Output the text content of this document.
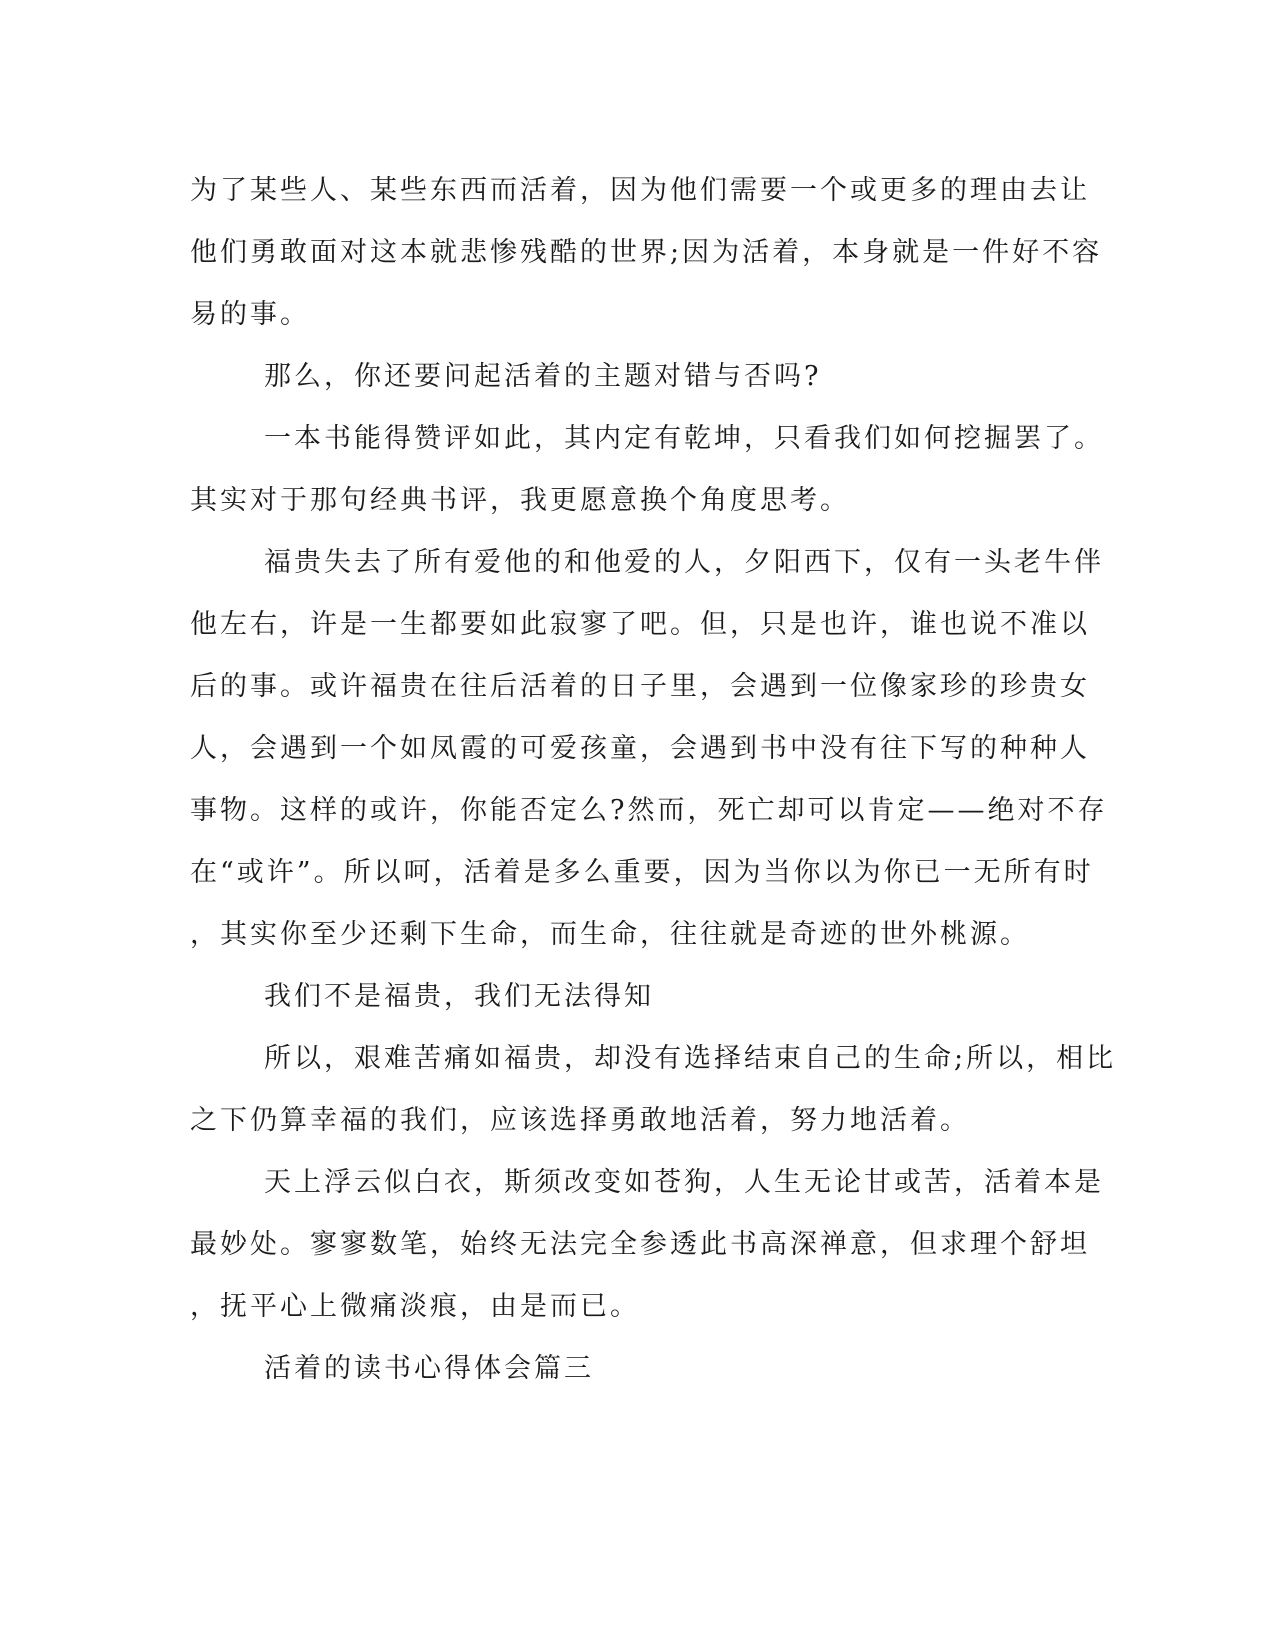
为了某些人、某些东西而活着，因为他们需要一个或更多的理由去让
他们勇敢面对这本就悲惨残酷的世界;因为活着，本身就是一件好不容
易的事。
那么，你还要问起活着的主题对错与否吗?
一本书能得赞评如此，其内定有乾坤，只看我们如何挖掘罢了。
其实对于那句经典书评，我更愿意换个角度思考。
福贵失去了所有爱他的和他爱的人，夕阳西下，仅有一头老牛伴
他左右，许是一生都要如此寂寥了吧。但，只是也许，谁也说不准以
后的事。或许福贵在往后活着的日子里，会遇到一位像家珍的珍贵女
人，会遇到一个如凤霞的可爱孩童，会遇到书中没有往下写的种种人
事物。这样的或许，你能否定么?然而，死亡却可以肯定——绝对不存
在“或许”。所以呵，活着是多么重要，因为当你以为你已一无所有时
，其实你至少还剩下生命，而生命，往往就是奇迹的世外桃源。
我们不是福贵，我们无法得知
所以，艰难苦痛如福贵，却没有选择结束自己的生命;所以，相比
之下仍算幸福的我们，应该选择勇敢地活着，努力地活着。
天上浮云似白衣，斯须改变如苍狗，人生无论甘或苦，活着本是
最妙处。寥寥数笔，始终无法完全参透此书高深禅意，但求理个舒坦
，抚平心上微痛淡痕，由是而已。
活着的读书心得体会篇三
